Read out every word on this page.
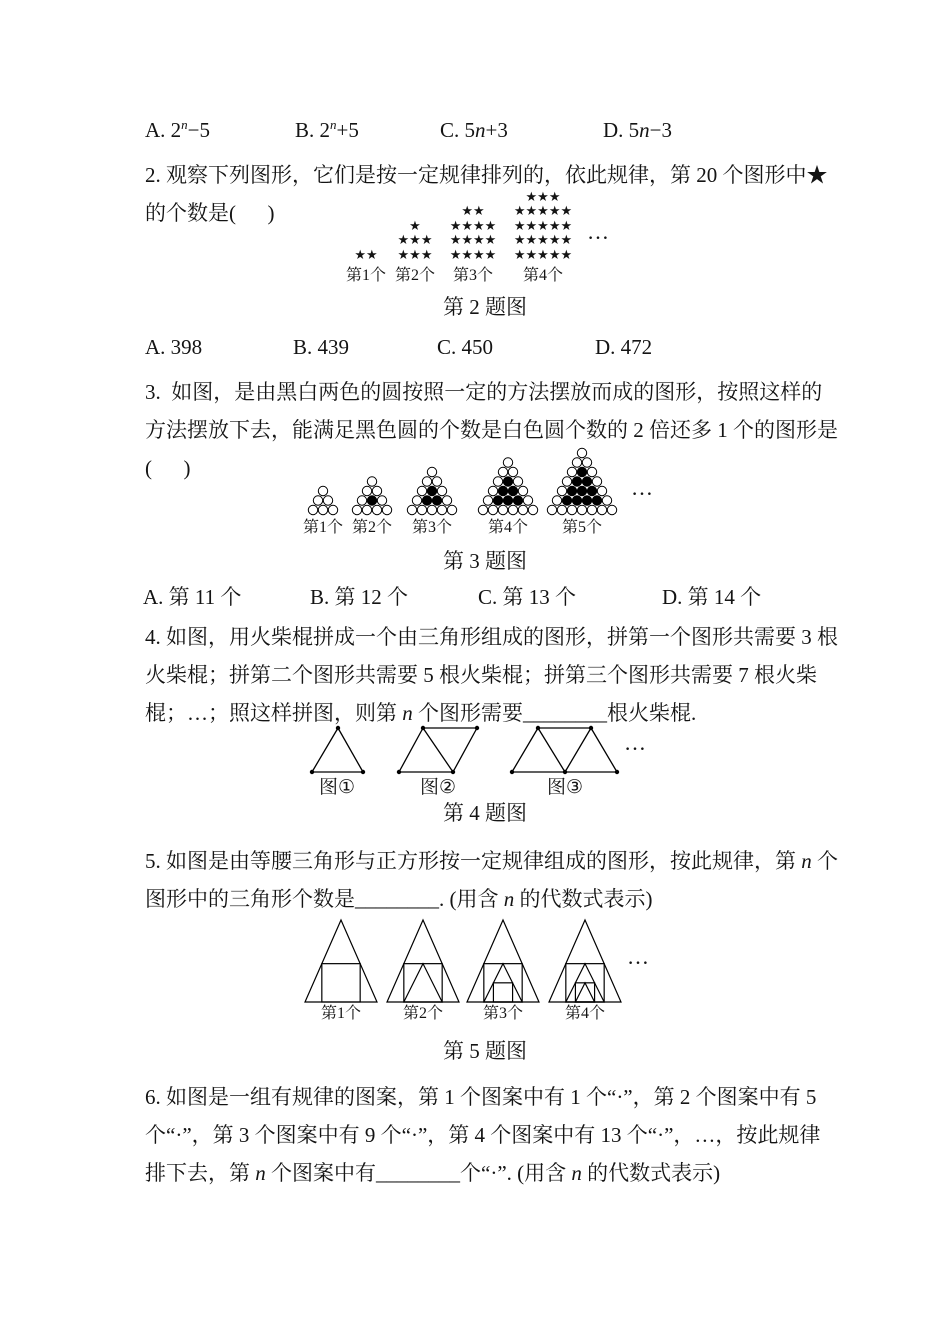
A. $2^n-5$	B. $2^n+5$	C. 5n+3	D. 5n−3
2. 观察下列图形，它们是按一定规律排列的，依此规律，第 20 个图形中★的个数是(      )
★★
第1个
★
★★★
★★★
第2个
★★
★★★★
★★★★
★★★★
第3个
★★★
★★★★★
★★★★★
★★★★★
★★★★★
第4个
…
第 2 题图
A. 398	B. 439	C. 450	D. 472
3.  如图，是由黑白两色的圆按照一定的方法摆放而成的图形，按照这样的方法摆放下去，能满足黑色圆的个数是白色圆个数的 2 倍还多 1 个的图形是(      )
第1个 第2个 第3个 第4个 第5个
…
第 3 题图
A. 第 11 个	B. 第 12 个	C. 第 13 个	D. 第 14 个
4. 如图，用火柴棍拼成一个由三角形组成的图形，拼第一个图形共需要 3 根火柴棍；拼第二个图形共需要 5 根火柴棍；拼第三个图形共需要 7 根火柴棍；…；照这样拼图，则第 n 个图形需要________根火柴棍.
图①	图②	图③
…
第 4 题图
5. 如图是由等腰三角形与正方形按一定规律组成的图形，按此规律，第 n 个图形中的三角形个数是________. (用含 n 的代数式表示)
第1个	第2个 第3个	第4个
…
第 5 题图
6. 如图是一组有规律的图案，第 1 个图案中有 1 个“·”，第 2 个图案中有 5 个“·”，第 3 个图案中有 9 个“·”，第 4 个图案中有 13 个“·”，…，按此规律排下去，第 n 个图案中有________个“·”. (用含 n 的代数式表示)
